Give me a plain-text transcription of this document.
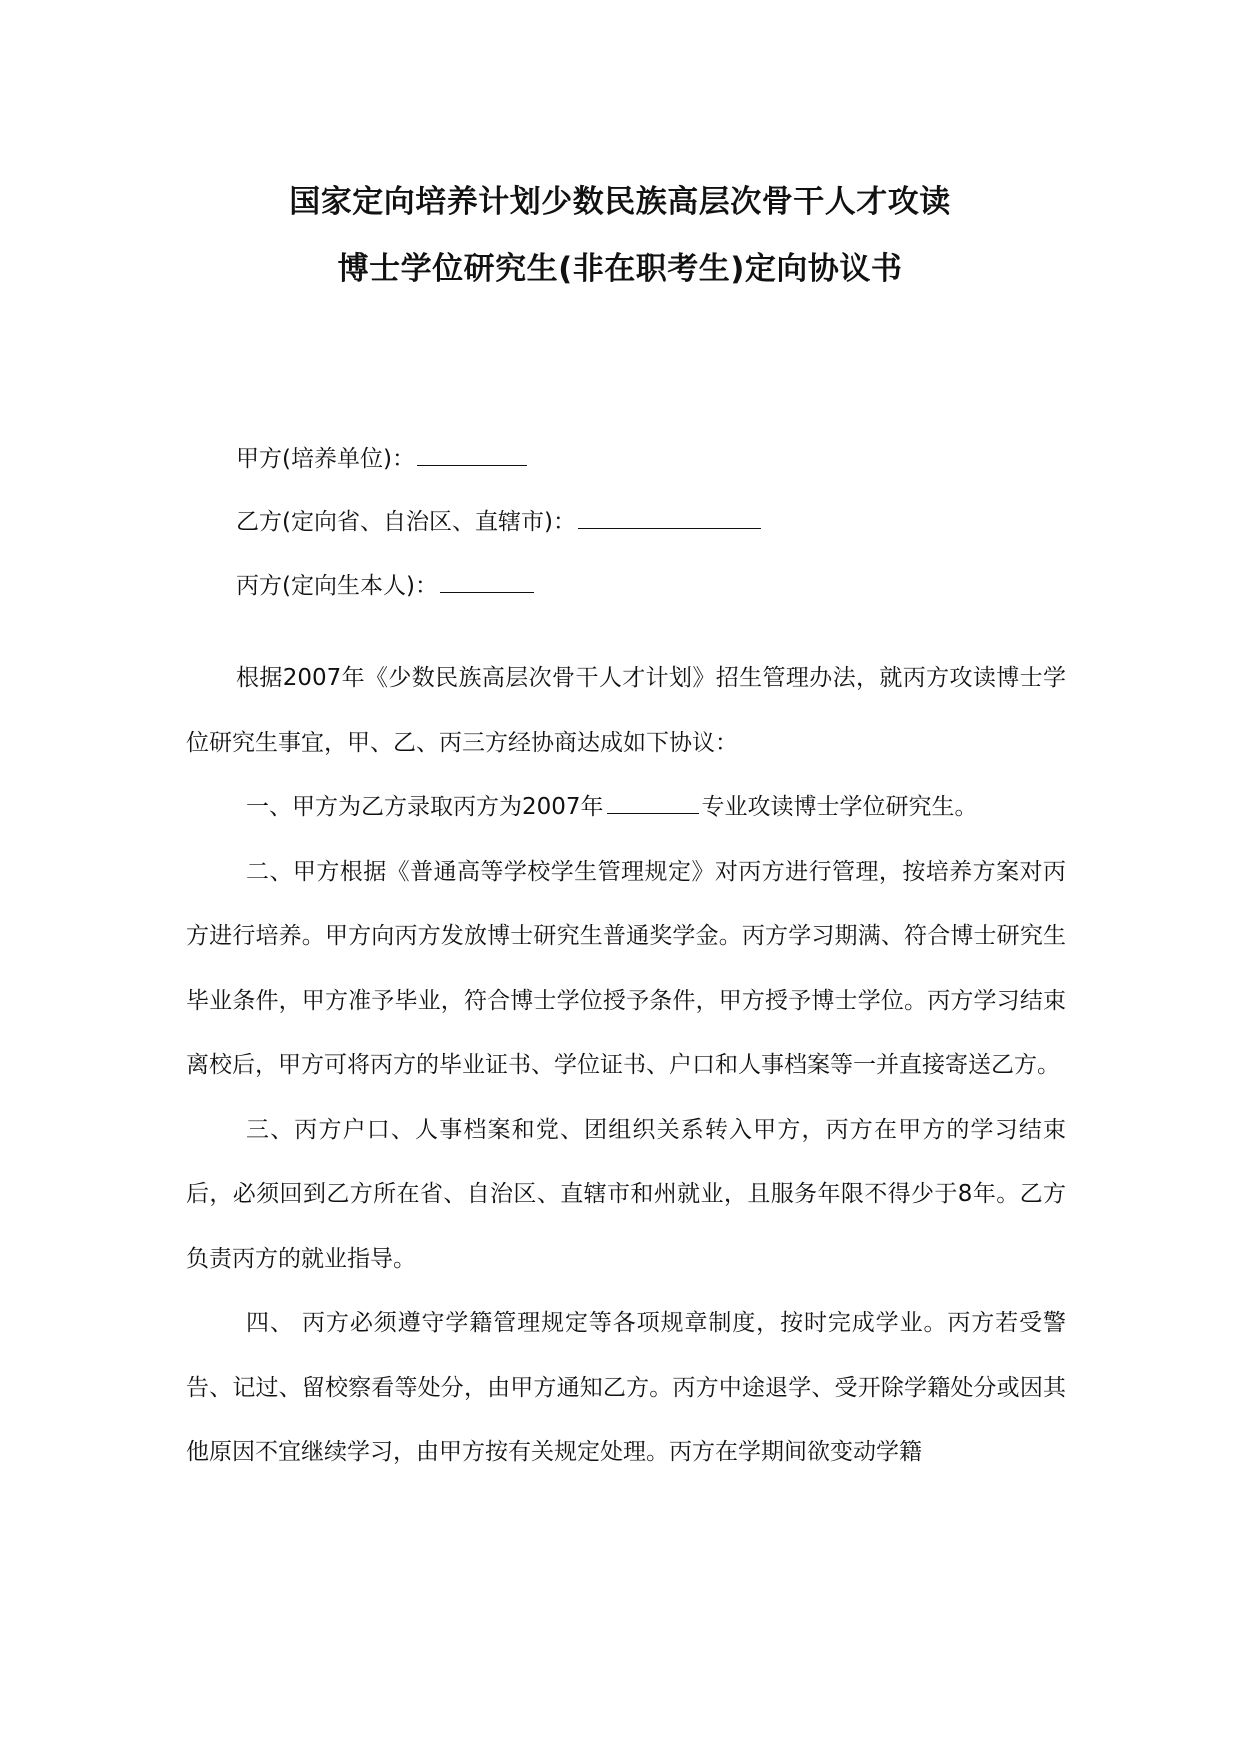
国家定向培养计划少数民族高层次骨干人才攻读
博士学位研究生(非在职考生)定向协议书
甲方(培养单位)：
乙方(定向省、自治区、直辖市)：
丙方(定向生本人)：

根据2007年《少数民族高层次骨干人才计划》招生管理办法，就丙方攻读博士学位研究生事宜，甲、乙、丙三方经协商达成如下协议：

一、甲方为乙方录取丙方为2007年	专业攻读博士学位研究生。

二、甲方根据《普通高等学校学生管理规定》对丙方进行管理，按培养方案对丙方进行培养。甲方向丙方发放博士研究生普通奖学金。丙方学习期满、符合博士研究生毕业条件，甲方准予毕业，符合博士学位授予条件，甲方授予博士学位。丙方学习结束离校后，甲方可将丙方的毕业证书、学位证书、户口和人事档案等一并直接寄送乙方。

三、丙方户口、人事档案和党、团组织关系转入甲方，丙方在甲方的学习结束后，必须回到乙方所在省、自治区、直辖市和州就业，且服务年限不得少于8年。乙方负责丙方的就业指导。

四、 丙方必须遵守学籍管理规定等各项规章制度，按时完成学业。丙方若受警告、记过、留校察看等处分，由甲方通知乙方。丙方中途退学、受开除学籍处分或因其他原因不宜继续学习，由甲方按有关规定处理。丙方在学期间欲变动学籍
